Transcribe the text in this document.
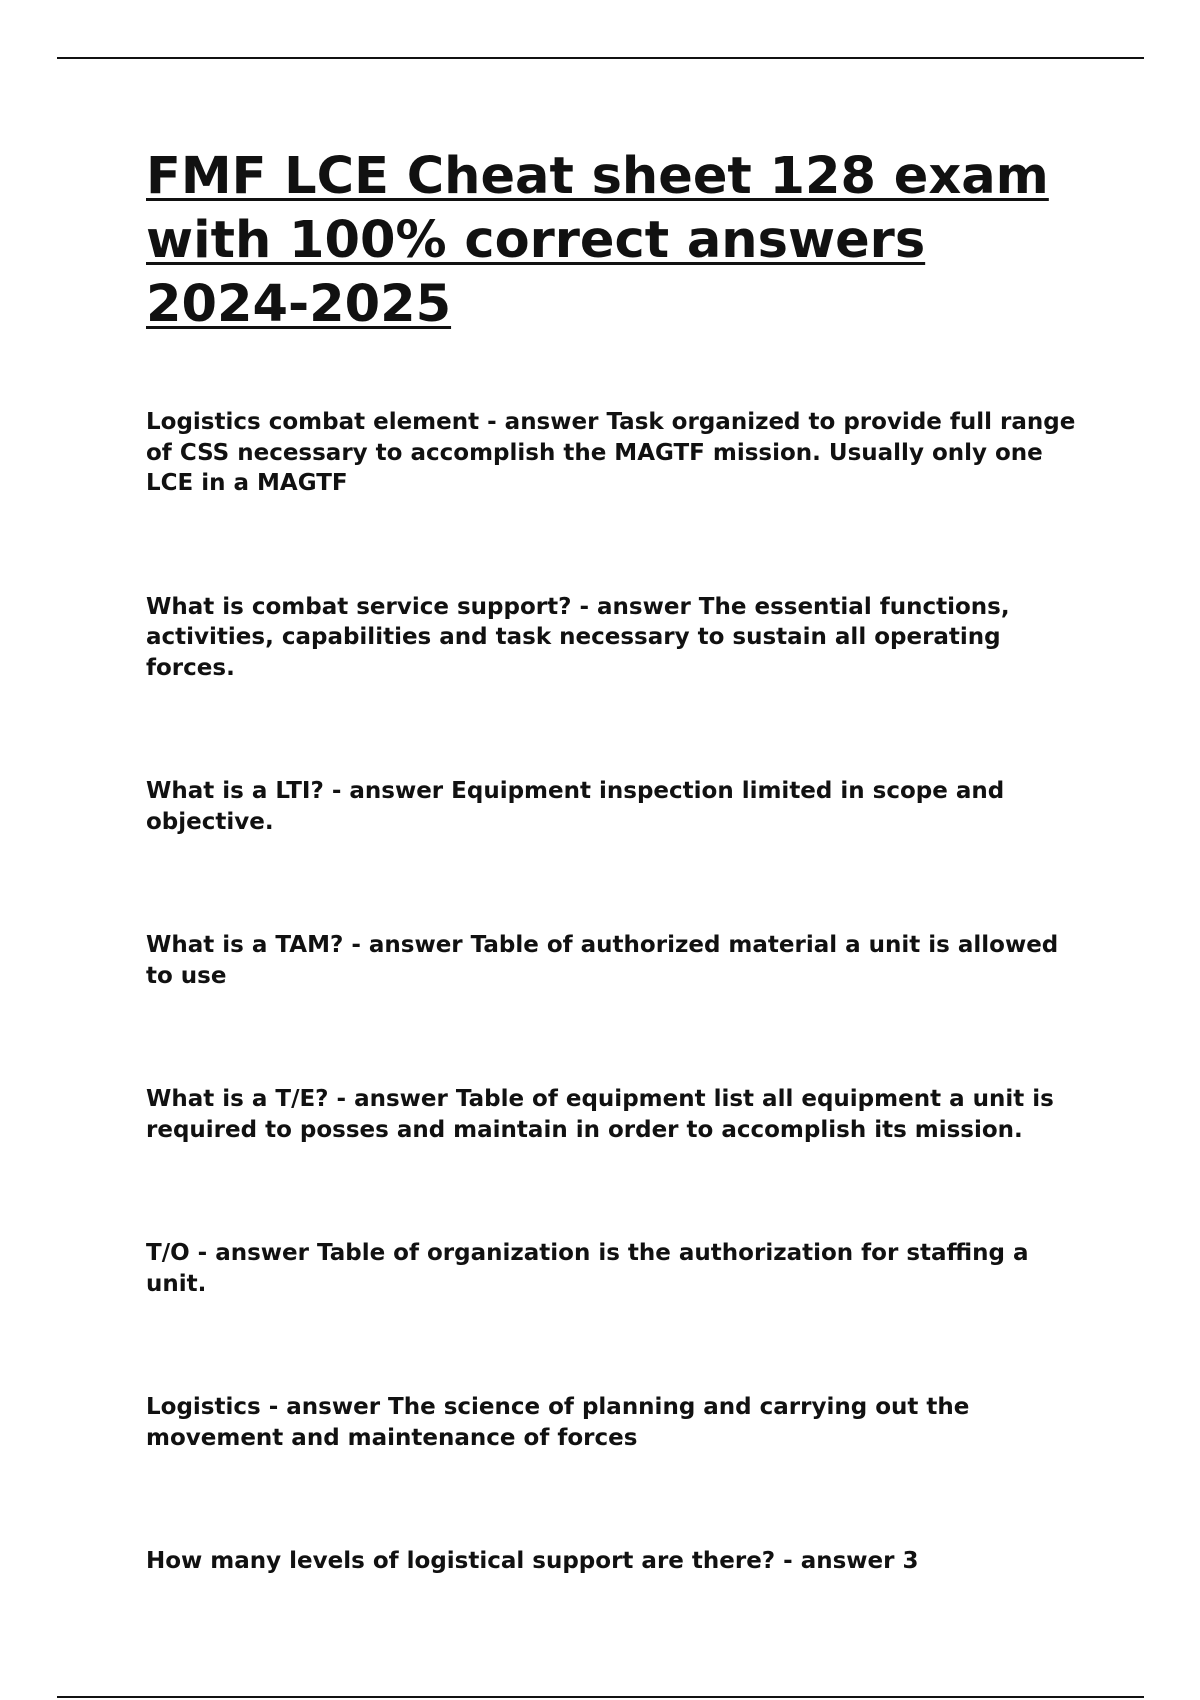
FMF LCE Cheat sheet 128 exam
with 100% correct answers
2024-2025
Logistics combat element - answer Task organized to provide full range of CSS necessary to accomplish the MAGTF mission. Usually only one LCE in a MAGTF
What is combat service support? - answer The essential functions, activities, capabilities and task necessary to sustain all operating forces.
What is a LTI? - answer Equipment inspection limited in scope and objective.
What is a TAM? - answer Table of authorized material a unit is allowed to use
What is a T/E? - answer Table of equipment list all equipment a unit is required to posses and maintain in order to accomplish its mission.
T/O - answer Table of organization is the authorization for staffing a unit.
Logistics - answer The science of planning and carrying out the movement and maintenance of forces
How many levels of logistical support are there? - answer 3
